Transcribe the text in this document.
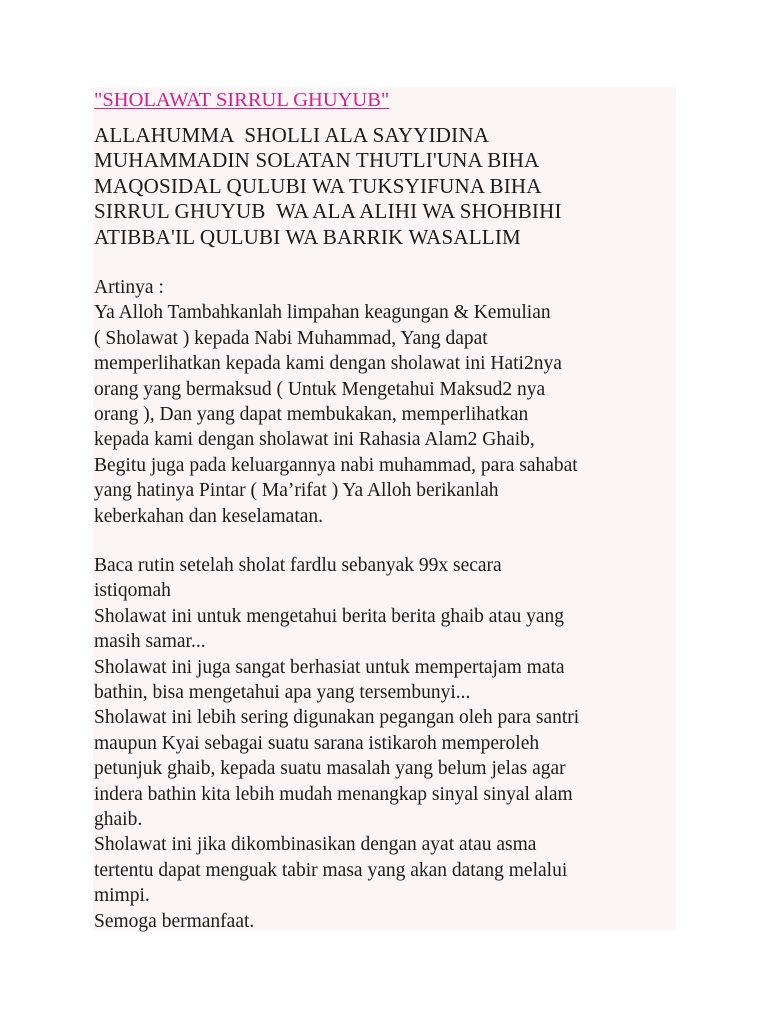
"SHOLAWAT SIRRUL GHUYUB"
ALLAHUMMA  SHOLLI ALA SAYYIDINA
MUHAMMADIN SOLATAN THUTLI'UNA BIHA
MAQOSIDAL QULUBI WA TUKSYIFUNA BIHA
SIRRUL GHUYUB  WA ALA ALIHI WA SHOHBIHI
ATIBBA'IL QULUBI WA BARRIK WASALLIM
Artinya :
Ya Alloh Tambahkanlah limpahan keagungan & Kemulian
( Sholawat ) kepada Nabi Muhammad, Yang dapat
memperlihatkan kepada kami dengan sholawat ini Hati2nya
orang yang bermaksud ( Untuk Mengetahui Maksud2 nya
orang ), Dan yang dapat membukakan, memperlihatkan
kepada kami dengan sholawat ini Rahasia Alam2 Ghaib,
Begitu juga pada keluargannya nabi muhammad, para sahabat
yang hatinya Pintar ( Ma’rifat ) Ya Alloh berikanlah
keberkahan dan keselamatan.
Baca rutin setelah sholat fardlu sebanyak 99x secara
istiqomah
Sholawat ini untuk mengetahui berita berita ghaib atau yang
masih samar...
Sholawat ini juga sangat berhasiat untuk mempertajam mata
bathin, bisa mengetahui apa yang tersembunyi...
Sholawat ini lebih sering digunakan pegangan oleh para santri
maupun Kyai sebagai suatu sarana istikaroh memperoleh
petunjuk ghaib, kepada suatu masalah yang belum jelas agar
indera bathin kita lebih mudah menangkap sinyal sinyal alam
ghaib.
Sholawat ini jika dikombinasikan dengan ayat atau asma
tertentu dapat menguak tabir masa yang akan datang melalui
mimpi.
Semoga bermanfaat.
